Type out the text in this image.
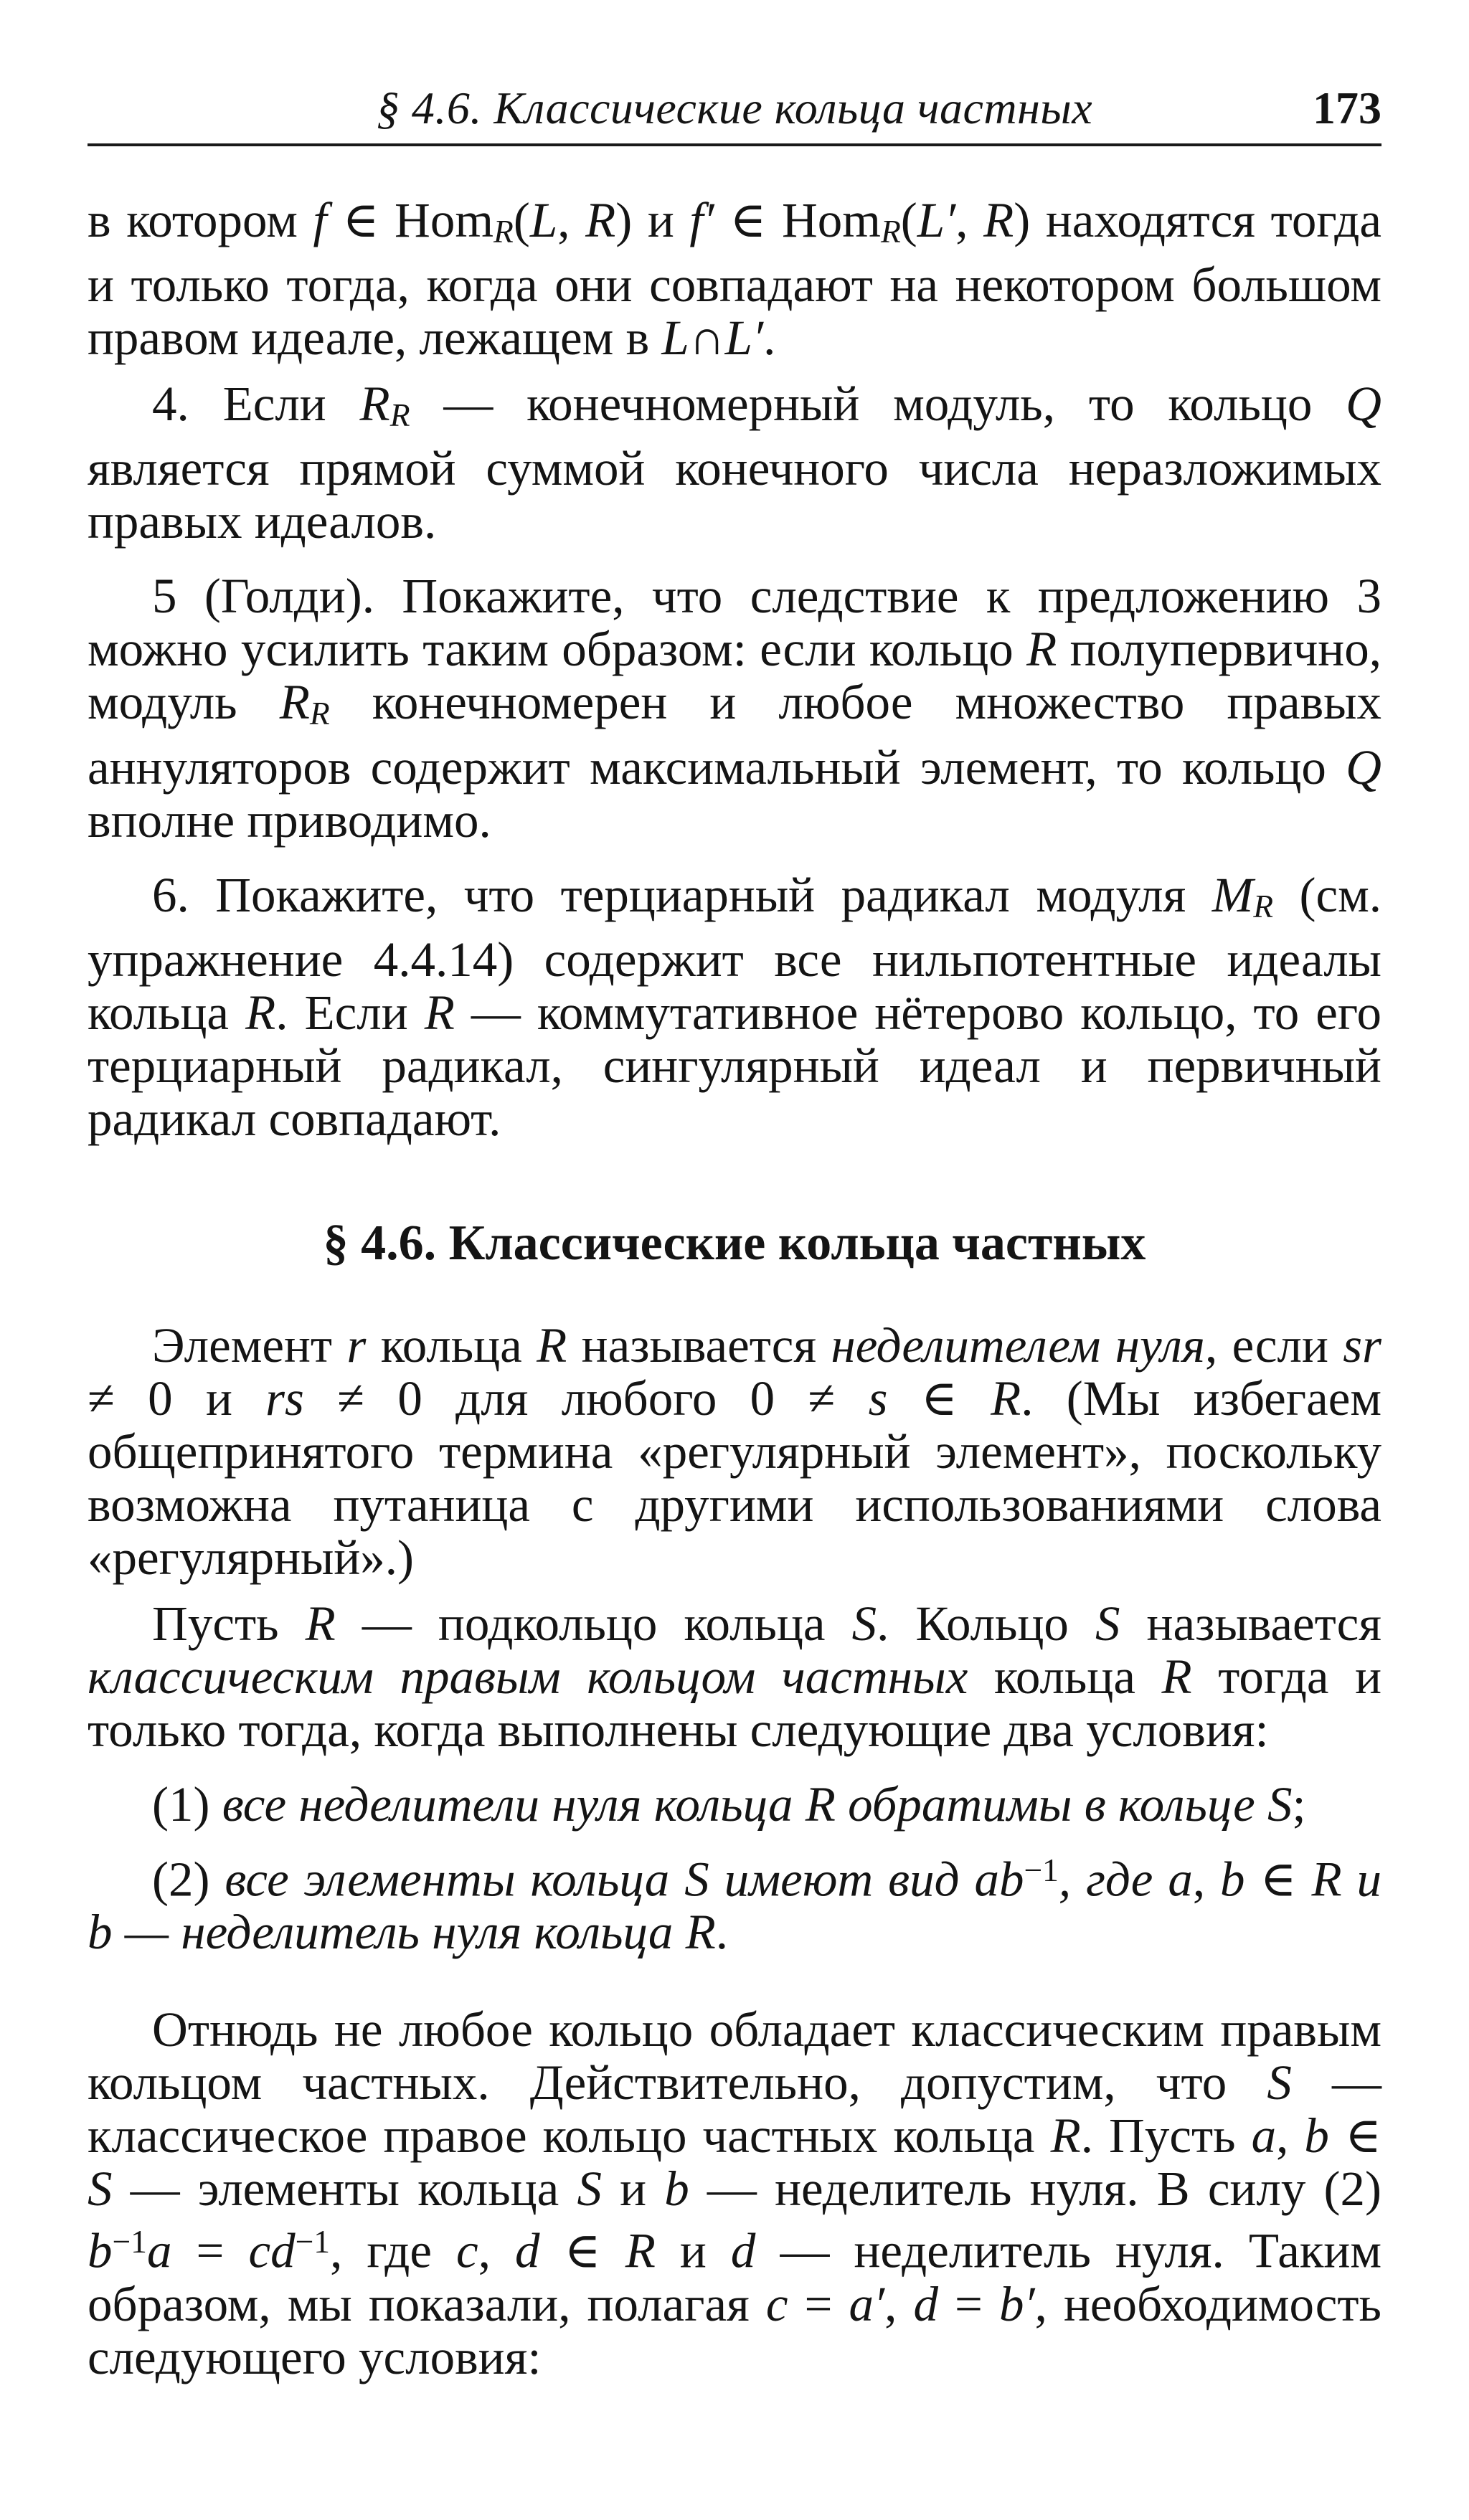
§ 4.6. Классические кольца частных	173

в котором f ∈ HomR(L, R) и f′ ∈ HomR(L′, R) находятся тогда и только тогда, когда они совпадают на некотором большом правом идеале, лежащем в L∩L′.

4. Если RR — конечномерный модуль, то кольцо Q является прямой суммой конечного числа неразложимых правых идеалов.

5 (Голди). Покажите, что следствие к предложению 3 можно усилить таким образом: если кольцо R полупервично, модуль RR конечномерен и любое множество правых аннуляторов содержит максимальный элемент, то кольцо Q вполне приводимо.

6. Покажите, что терциарный радикал модуля MR (см. упражнение 4.4.14) содержит все нильпотентные идеалы кольца R. Если R — коммутативное нётерово кольцо, то его терциарный радикал, сингулярный идеал и первичный радикал совпадают.

§ 4.6. Классические кольца частных

Элемент r кольца R называется неделителем нуля, если sr ≠ 0 и rs ≠ 0 для любого 0 ≠ s ∈ R. (Мы избегаем общепринятого термина «регулярный элемент», поскольку возможна путаница с другими использованиями слова «регулярный».)

Пусть R — подкольцо кольца S. Кольцо S называется классическим правым кольцом частных кольца R тогда и только тогда, когда выполнены следующие два условия:

(1) все неделители нуля кольца R обратимы в кольце S;

(2) все элементы кольца S имеют вид $ab^{-1}$, где a, b ∈ R и b — неделитель нуля кольца R.

Отнюдь не любое кольцо обладает классическим правым кольцом частных. Действительно, допустим, что S — классическое правое кольцо частных кольца R. Пусть a, b ∈ S — элементы кольца S и b — неделитель нуля. В силу (2) $b^{-1}a = cd^{-1}$, где c, d ∈ R и d — неделитель нуля. Таким образом, мы показали, полагая c = a′, d = b′, необходимость следующего условия:
